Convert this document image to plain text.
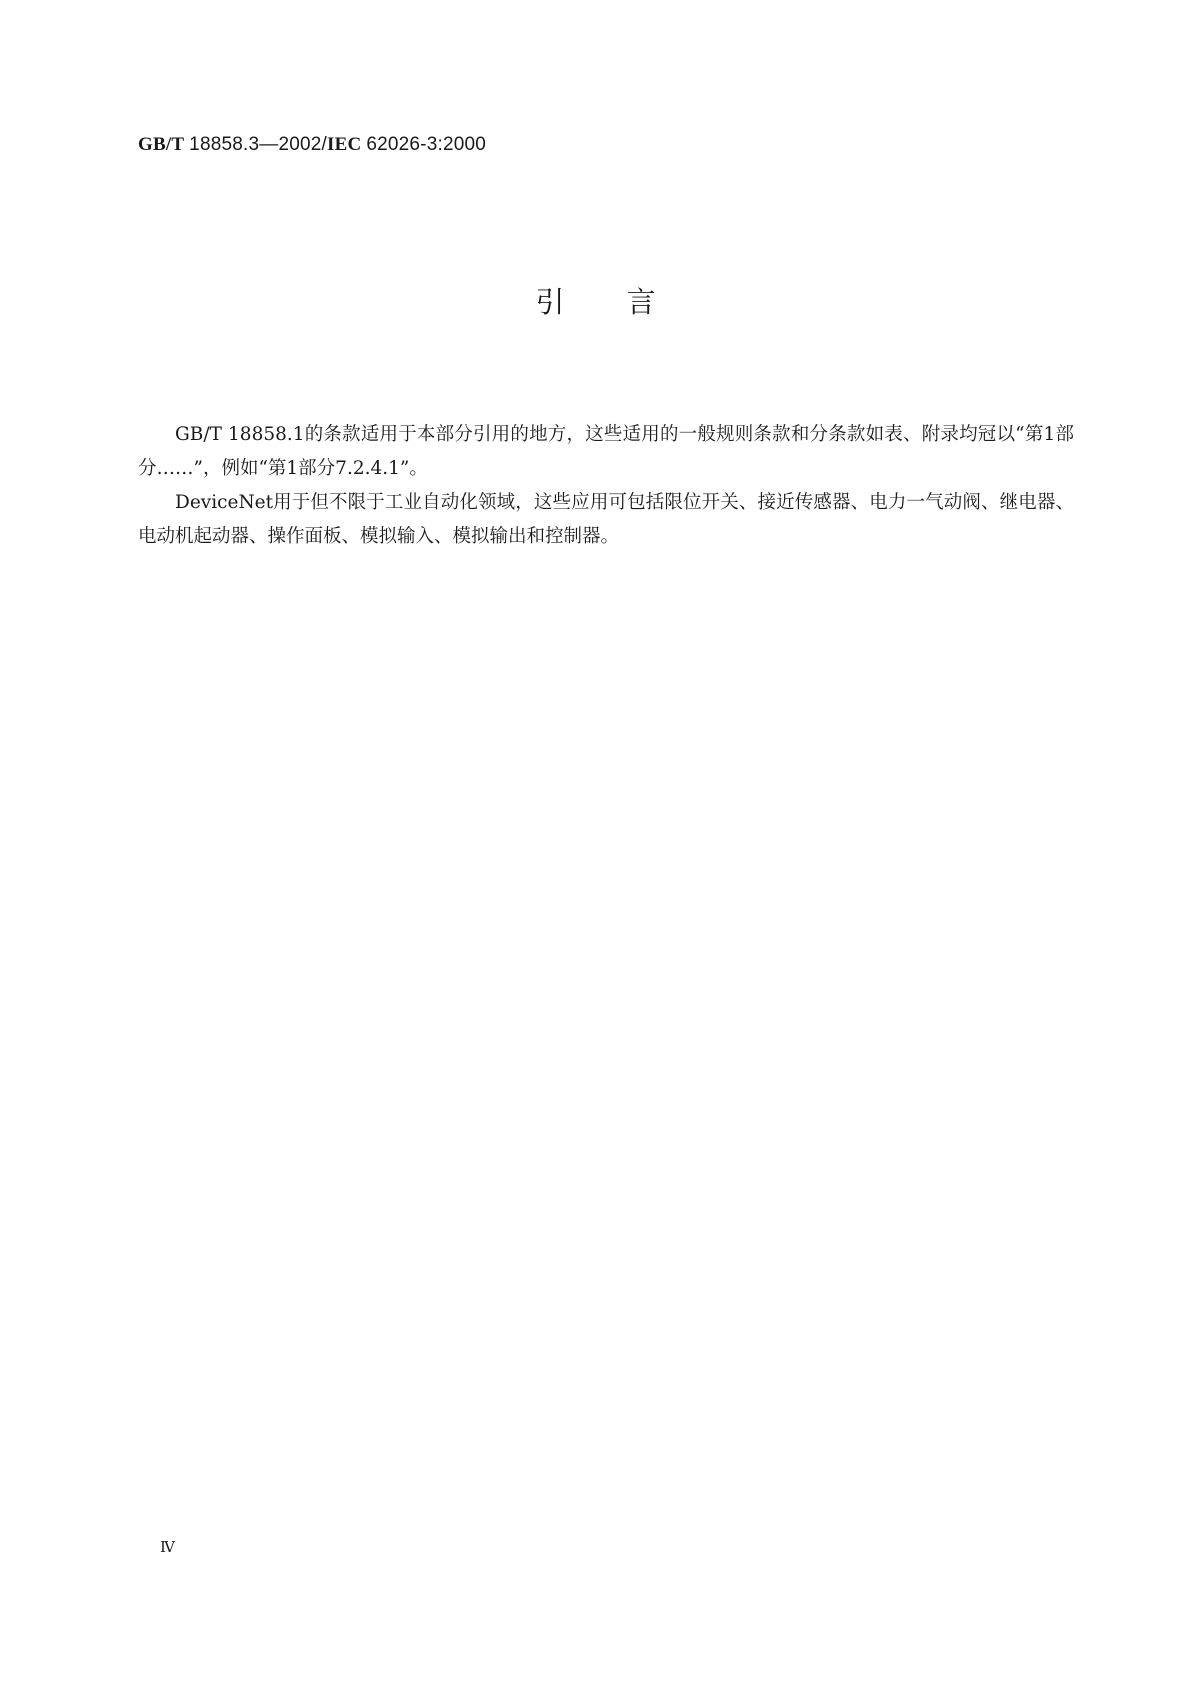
GB/T 18858.3—2002/IEC 62026-3:2000
引言

GB/T 18858.1的条款适用于本部分引用的地方，这些适用的一般规则条款和分条款如表、附录均冠以“第1部分……”，例如“第1部分7.2.4.1”。

DeviceNet用于但不限于工业自动化领域，这些应用可包括限位开关、接近传感器、电力一气动阀、继电器、电动机起动器、操作面板、模拟输入、模拟输出和控制器。

Ⅳ
